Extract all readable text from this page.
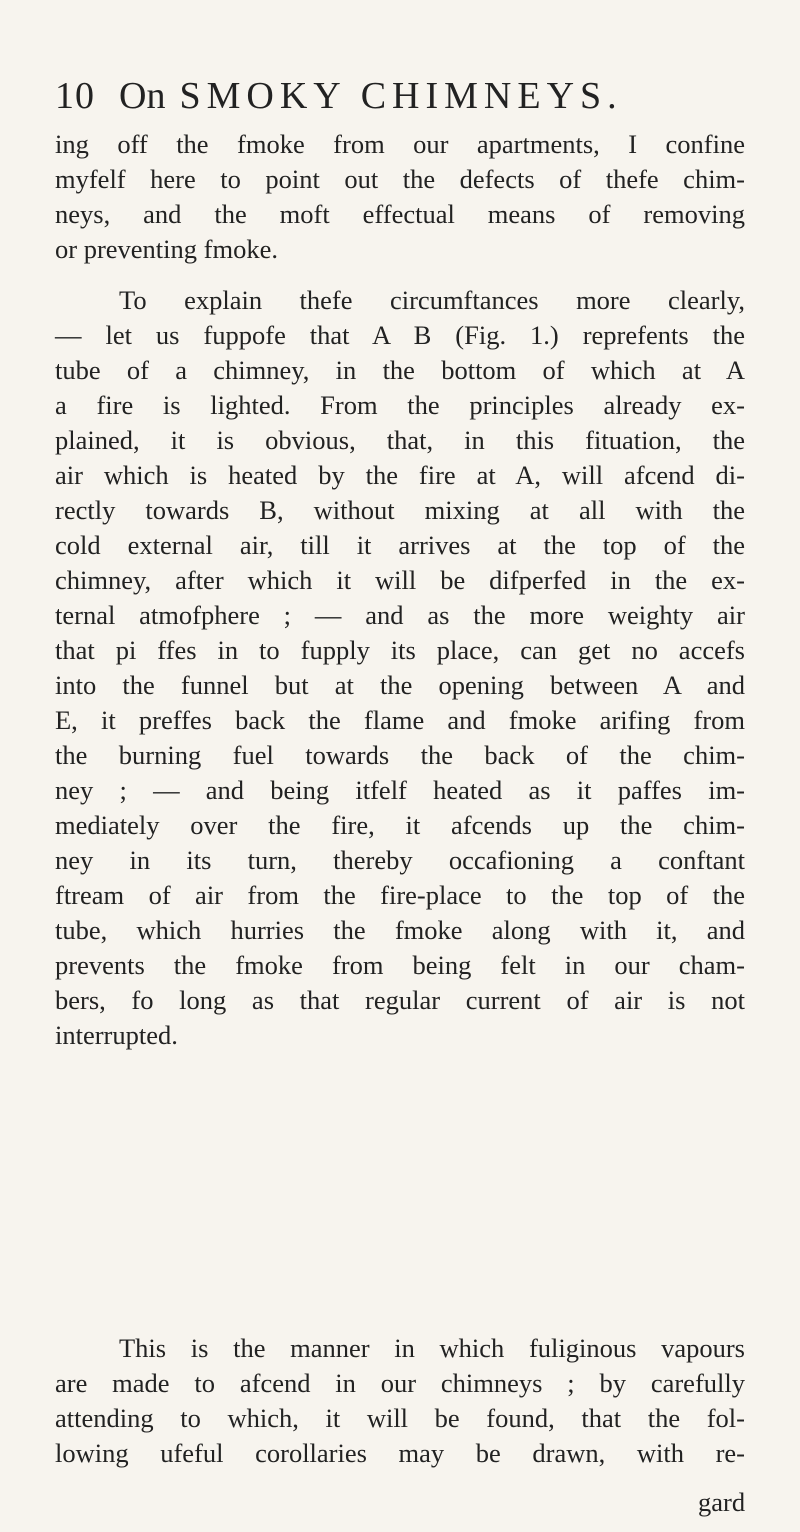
10 On SMOKY CHIMNEYS.
ing off the fmoke from our apartments, I confine
myfelf here to point out the defects of thefe chim-
neys, and the moft effectual means of removing
or preventing fmoke.
To explain thefe circumftances more clearly,
— let us fuppofe that A B (Fig. 1.) reprefents the
tube of a chimney, in the bottom of which at A
a fire is lighted. From the principles already ex-
plained, it is obvious, that, in this fituation, the
air which is heated by the fire at A, will afcend di-
rectly towards B, without mixing at all with the
cold external air, till it arrives at the top of the
chimney, after which it will be difperfed in the ex-
ternal atmofphere ; — and as the more weighty air
that pi ffes in to fupply its place, can get no accefs
into the funnel but at the opening between A and
E, it preffes back the flame and fmoke arifing from
the burning fuel towards the back of the chim-
ney ; — and being itfelf heated as it paffes im-
mediately over the fire, it afcends up the chim-
ney in its turn, thereby occafioning a conftant
ftream of air from the fire-place to the top of the
tube, which hurries the fmoke along with it, and
prevents the fmoke from being felt in our cham-
bers, fo long as that regular current of air is not
interrupted.
This is the manner in which fuliginous vapours
are made to afcend in our chimneys ; by carefully
attending to which, it will be found, that the fol-
lowing ufeful corollaries may be drawn, with re-
gard
